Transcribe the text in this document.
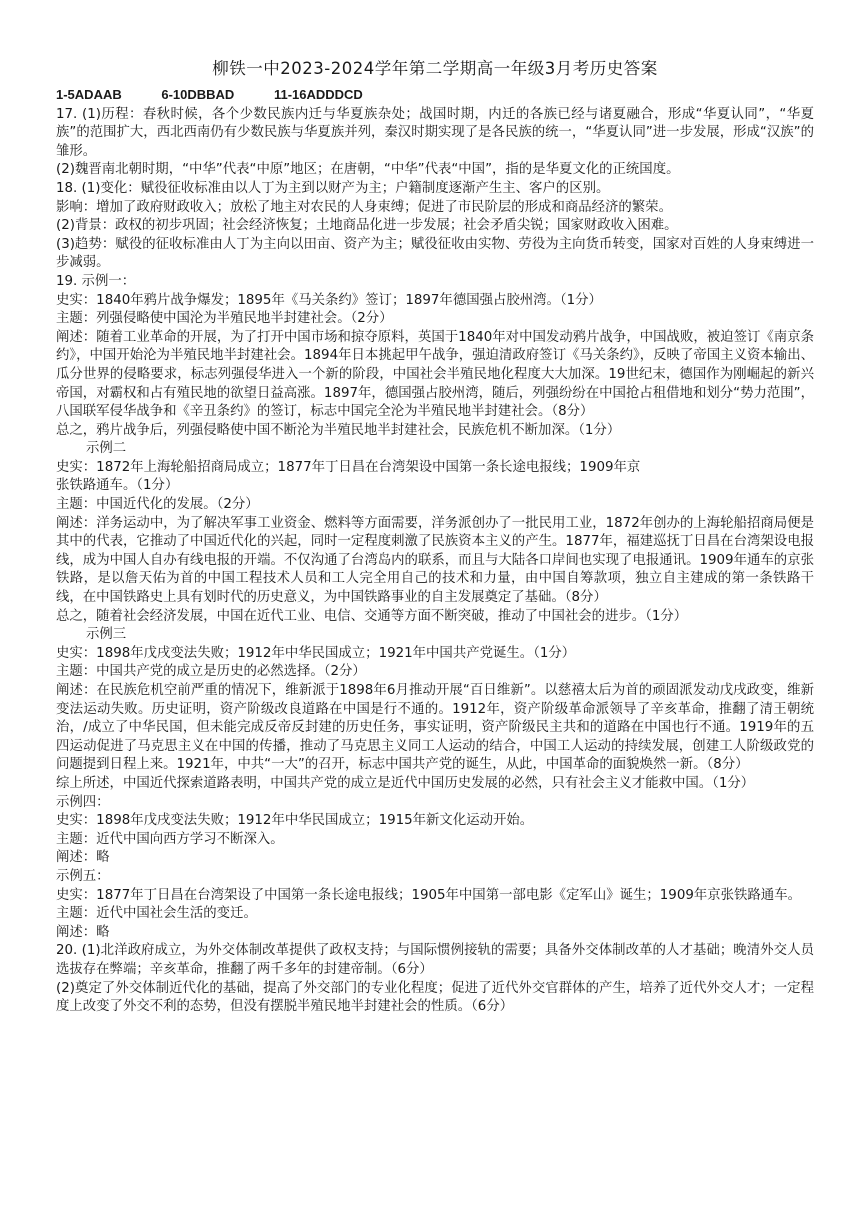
柳铁一中2023-2024学年第二学期高一年级3月考历史答案
1-5ADAAB	6-10DBBAD	11-16ADDDCD
17. (1)历程：春秋时候，各个少数民族内迁与华夏族杂处；战国时期，内迁的各族已经与诸夏融合，形成“华夏认同”，“华夏族”的范围扩大，西北西南仍有少数民族与华夏族并列，秦汉时期实现了是各民族的统一，“华夏认同”进一步发展，形成“汉族”的雏形。
(2)魏晋南北朝时期，“中华”代表“中原”地区；在唐朝，“中华”代表“中国”，指的是华夏文化的正统国度。
18. (1)变化：赋役征收标准由以人丁为主到以财产为主；户籍制度逐渐产生主、客户的区别。
影响：增加了政府财政收入；放松了地主对农民的人身束缚；促进了市民阶层的形成和商品经济的繁荣。
(2)背景：政权的初步巩固；社会经济恢复；土地商品化进一步发展；社会矛盾尖锐；国家财政收入困难。
(3)趋势：赋役的征收标准由人丁为主向以田亩、资产为主；赋役征收由实物、劳役为主向货币转变，国家对百姓的人身束缚进一步减弱。
19. 示例一：
史实：1840年鸦片战争爆发；1895年《马关条约》签订；1897年德国强占胶州湾。（1分）
主题：列强侵略使中国沦为半殖民地半封建社会。（2分）
阐述：随着工业革命的开展，为了打开中国市场和掠夺原料，英国于1840年对中国发动鸦片战争，中国战败，被迫签订《南京条约》，中国开始沦为半殖民地半封建社会。1894年日本挑起甲午战争，强迫清政府签订《马关条约》，反映了帝国主义资本输出、瓜分世界的侵略要求，标志列强侵华进入一个新的阶段，中国社会半殖民地化程度大大加深。19世纪末，德国作为刚崛起的新兴帝国，对霸权和占有殖民地的欲望日益高涨。1897年，德国强占胶州湾，随后，列强纷纷在中国抢占租借地和划分“势力范围”，八国联军侵华战争和《辛丑条约》的签订，标志中国完全沦为半殖民地半封建社会。（8分）
总之，鸦片战争后，列强侵略使中国不断沦为半殖民地半封建社会，民族危机不断加深。（1分）
示例二
史实：1872年上海轮船招商局成立；1877年丁日昌在台湾架设中国第一条长途电报线；1909年京
张铁路通车。（1分）
主题：中国近代化的发展。（2分）
阐述：洋务运动中，为了解决军事工业资金、燃料等方面需要，洋务派创办了一批民用工业，1872年创办的上海轮船招商局便是其中的代表，它推动了中国近代化的兴起，同时一定程度刺激了民族资本主义的产生。1877年，福建巡抚丁日昌在台湾架设电报线，成为中国人自办有线电报的开端。不仅沟通了台湾岛内的联系，而且与大陆各口岸间也实现了电报通讯。1909年通车的京张铁路，是以詹天佑为首的中国工程技术人员和工人完全用自己的技术和力量，由中国自筹款项，独立自主建成的第一条铁路干线，在中国铁路史上具有划时代的历史意义，为中国铁路事业的自主发展奠定了基础。（8分）
总之，随着社会经济发展，中国在近代工业、电信、交通等方面不断突破，推动了中国社会的进步。（1分）
示例三
史实：1898年戊戌变法失败；1912年中华民国成立；1921年中国共产党诞生。（1分）
主题：中国共产党的成立是历史的必然选择。（2分）
阐述：在民族危机空前严重的情况下，维新派于1898年6月推动开展“百日维新”。以慈禧太后为首的顽固派发动戊戌政变，维新变法运动失败。历史证明，资产阶级改良道路在中国是行不通的。1912年，资产阶级革命派领导了辛亥革命，推翻了清王朝统治，/成立了中华民国，但未能完成反帝反封建的历史任务，事实证明，资产阶级民主共和的道路在中国也行不通。1919年的五四运动促进了马克思主义在中国的传播，推动了马克思主义同工人运动的结合，中国工人运动的持续发展，创建工人阶级政党的问题提到日程上来。1921年，中共“一大”的召开，标志中国共产党的诞生，从此，中国革命的面貌焕然一新。（8分）
综上所述，中国近代探索道路表明，中国共产党的成立是近代中国历史发展的必然，只有社会主义才能救中国。（1分）
示例四：
史实：1898年戊戌变法失败；1912年中华民国成立；1915年新文化运动开始。
主题：近代中国向西方学习不断深入。
阐述：略
示例五：
史实：1877年丁日昌在台湾架设了中国第一条长途电报线；1905年中国第一部电影《定军山》诞生；1909年京张铁路通车。
主题：近代中国社会生活的变迁。
阐述：略
20. (1)北洋政府成立，为外交体制改革提供了政权支持；与国际惯例接轨的需要；具备外交体制改革的人才基础；晚清外交人员选拔存在弊端；辛亥革命，推翻了两千多年的封建帝制。（6分）
(2)奠定了外交体制近代化的基础，提高了外交部门的专业化程度；促进了近代外交官群体的产生，培养了近代外交人才；一定程度上改变了外交不利的态势，但没有摆脱半殖民地半封建社会的性质。（6分）
